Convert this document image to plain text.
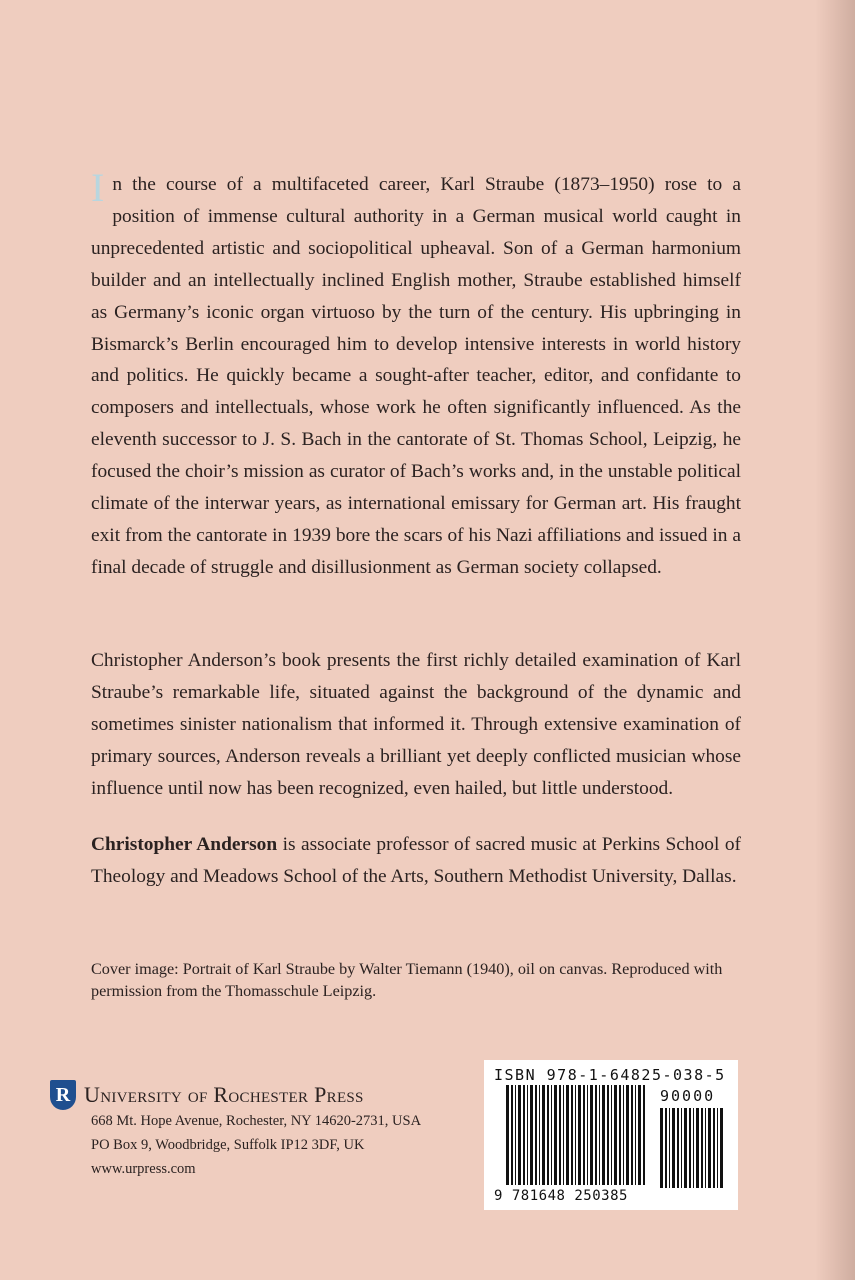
In the course of a multifaceted career, Karl Straube (1873–1950) rose to a position of immense cultural authority in a German musical world caught in unprecedented artistic and sociopolitical upheaval. Son of a German harmonium builder and an intellectually inclined English mother, Straube established himself as Germany’s iconic organ virtuoso by the turn of the century. His upbringing in Bismarck’s Berlin encouraged him to develop intensive interests in world history and politics. He quickly became a sought-after teacher, editor, and confidante to composers and intellectuals, whose work he often significantly influenced. As the eleventh successor to J. S. Bach in the cantorate of St. Thomas School, Leipzig, he focused the choir’s mission as curator of Bach’s works and, in the unstable political climate of the interwar years, as international emissary for German art. His fraught exit from the cantorate in 1939 bore the scars of his Nazi affiliations and issued in a final decade of struggle and disillusionment as German society collapsed.

Christopher Anderson’s book presents the first richly detailed examination of Karl Straube’s remarkable life, situated against the background of the dynamic and sometimes sinister nationalism that informed it. Through extensive examination of primary sources, Anderson reveals a brilliant yet deeply conflicted musician whose influence until now has been recognized, even hailed, but little understood.

Christopher Anderson is associate professor of sacred music at Perkins School of Theology and Meadows School of the Arts, Southern Methodist University, Dallas.

Cover image: Portrait of Karl Straube by Walter Tiemann (1940), oil on canvas. Reproduced with permission from the Thomasschule Leipzig.

R University of Rochester Press
668 Mt. Hope Avenue, Rochester, NY 14620-2731, USA
PO Box 9, Woodbridge, Suffolk IP12 3DF, UK
www.urpress.com
ISBN 978-1-64825-038-5
90000
9 781648 250385
